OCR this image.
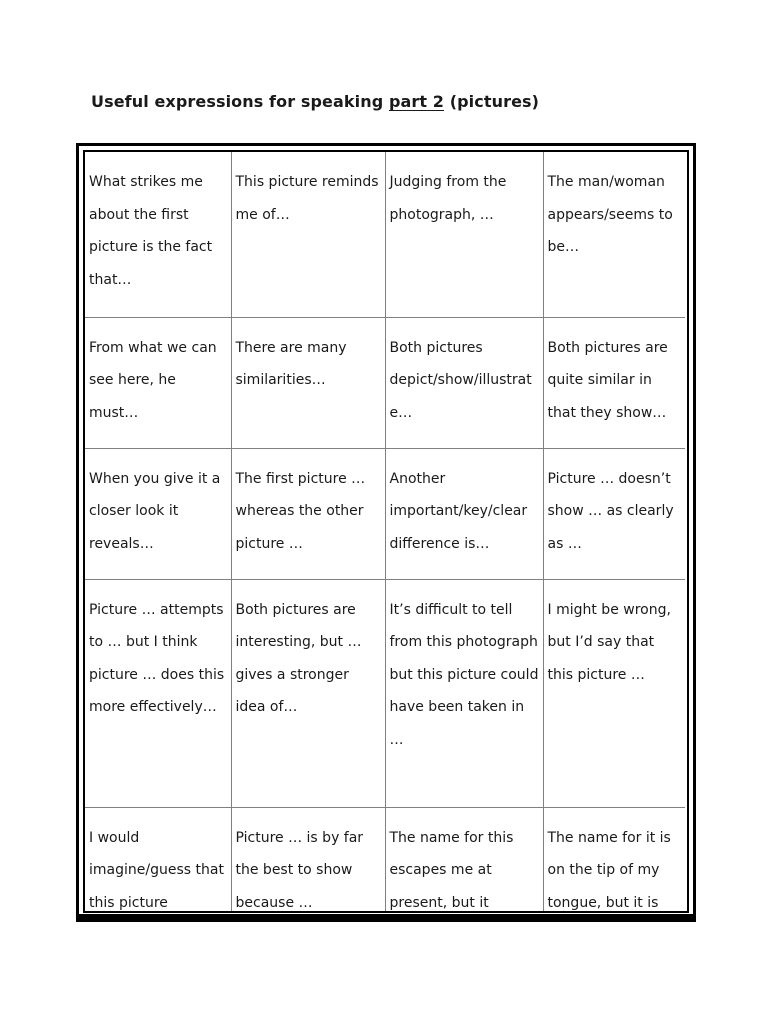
Useful expressions for speaking part 2 (pictures)
What strikes me about the first picture is the fact that…	This picture reminds me of…	Judging from the photograph, …	The man/woman appears/seems to be…
From what we can see here, he must…	There are many similarities…	Both pictures depict/show/illustrate…	Both pictures are quite similar in that they show…
When you give it a closer look it reveals…	The first picture … whereas the other picture …	Another important/key/clear difference is…	Picture … doesn’t show … as clearly as …
Picture … attempts to … but I think picture … does this more effectively…	Both pictures are interesting, but … gives a stronger idea of…	It’s difficult to tell from this photograph but this picture could have been taken in …	I might be wrong, but I’d say that this picture …
I would imagine/guess that this picture	Picture … is by far the best to show because …	The name for this escapes me at present, but it	The name for it is on the tip of my tongue, but it is
